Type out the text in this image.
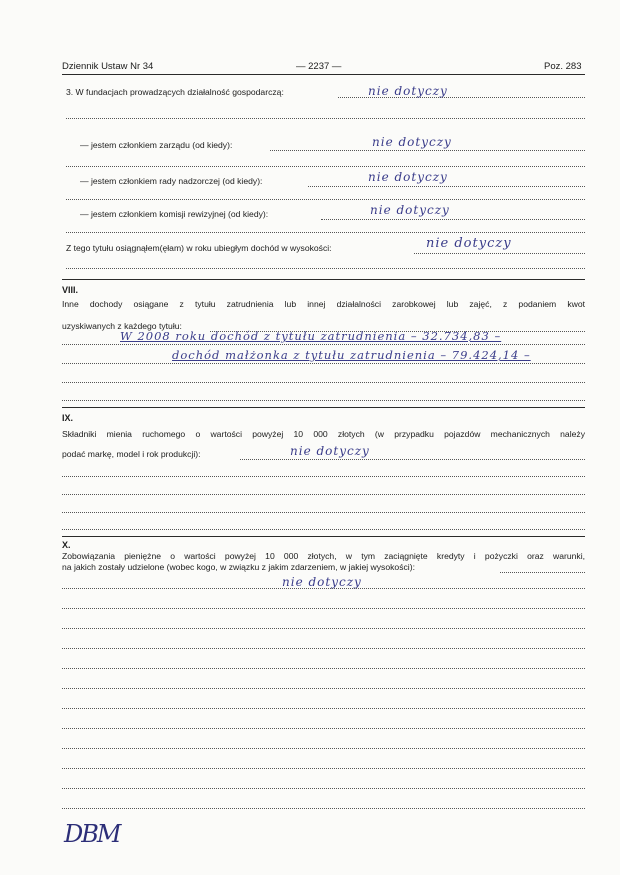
Dziennik Ustaw Nr 34	— 2237 —	Poz. 283
3. W fundacjach prowadzących działalność gospodarczą:	nie dotyczy
— jestem członkiem zarządu (od kiedy):	nie dotyczy
— jestem członkiem rady nadzorczej (od kiedy):	nie dotyczy
— jestem członkiem komisji rewizyjnej (od kiedy):	nie dotyczy
Z tego tytułu osiągnąłem(ęłam) w roku ubiegłym dochód w wysokości:	nie dotyczy
VIII.
Inne dochody osiągane z tytułu zatrudnienia lub innej działalności zarobkowej lub zajęć, z podaniem kwot
uzyskiwanych z każdego tytułu:
W 2008 roku dochód z tytułu zatrudnienia – 32.734,83 –
dochód małżonka z tytułu zatrudnienia – 79.424,14 –
IX.
Składniki mienia ruchomego o wartości powyżej 10 000 złotych (w przypadku pojazdów mechanicznych należy
podać markę, model i rok produkcji):	nie dotyczy
X.
Zobowiązania pieniężne o wartości powyżej 10 000 złotych, w tym zaciągnięte kredyty i pożyczki oraz warunki,
na jakich zostały udzielone (wobec kogo, w związku z jakim zdarzeniem, w jakiej wysokości):
nie dotyczy
DBM
